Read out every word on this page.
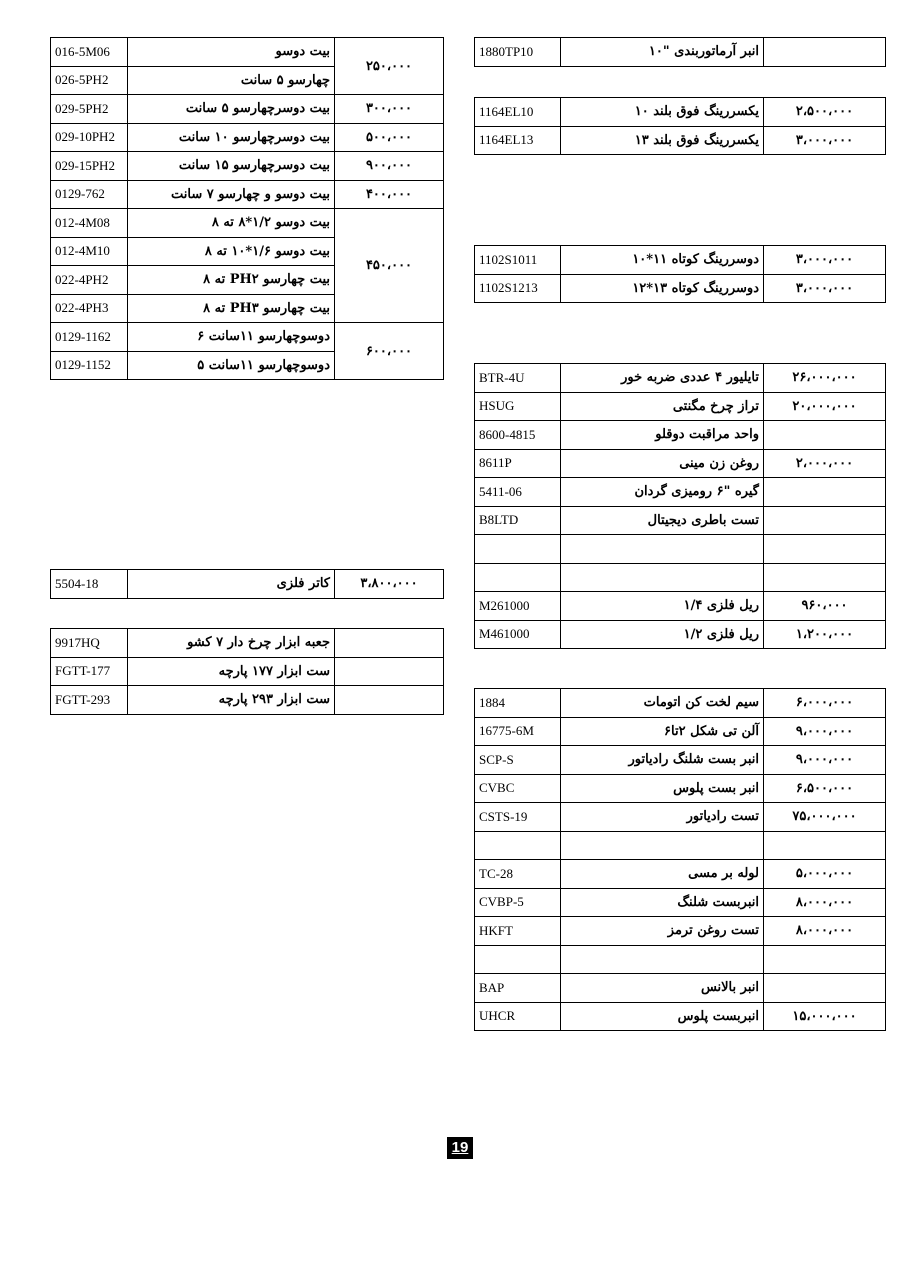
016-5M06	بیت دوسو	۲۵۰،۰۰۰
026-5PH2	چهارسو ۵ سانت	
029-5PH2	بیت دوسرچهارسو ۵ سانت	۳۰۰،۰۰۰
029-10PH2	بیت دوسرچهارسو ۱۰ سانت	۵۰۰،۰۰۰
029-15PH2	بیت دوسرچهارسو ۱۵ سانت	۹۰۰،۰۰۰
0129-762	بیت دوسو و چهارسو ۷ سانت	۴۰۰،۰۰۰
012-4M08	بیت دوسو ۱/۲*۸ ته ۸	۴۵۰،۰۰۰
012-4M10	بیت دوسو ۱/۶*۱۰ ته ۸	
022-4PH2	بیت چهارسو PH۲ ته ۸	
022-4PH3	بیت چهارسو PH۳ ته ۸	
0129-1162	دوسوچهارسو ۱۱سانت ۶	۶۰۰،۰۰۰
0129-1152	دوسوچهارسو ۱۱سانت ۵	
5504-18	کاتر فلزی	۳،۸۰۰،۰۰۰
9917HQ	جعبه ابزار چرخ دار ۷ کشو	
FGTT-177	ست ابزار ۱۷۷ پارچه	
FGTT-293	ست ابزار ۲۹۳ پارچه	
1880TP10	انبر آرماتوربندی "۱۰	
1164EL10	یکسررینگ فوق بلند ۱۰	۲،۵۰۰،۰۰۰
1164EL13	یکسررینگ فوق بلند ۱۳	۳،۰۰۰،۰۰۰
1102S1011	دوسررینگ کوتاه ۱۱*۱۰	۳،۰۰۰،۰۰۰
1102S1213	دوسررینگ کوتاه ۱۳*۱۲	۳،۰۰۰،۰۰۰
BTR-4U	تایلیور ۴ عددی ضربه خور	۲۶،۰۰۰،۰۰۰
HSUG	تراز چرخ مگنتی	۲۰،۰۰۰،۰۰۰
8600-4815	واحد مراقبت دوقلو	
8611P	روغن زن مینی	۲،۰۰۰،۰۰۰
5411-06	گیره "۶ رومیزی گردان	
B8LTD	تست باطری دیجیتال	

M261000	ریل فلزی ۱/۴	۹۶۰،۰۰۰
M461000	ریل فلزی ۱/۲	۱،۲۰۰،۰۰۰
1884	سیم لخت کن اتومات	۶،۰۰۰،۰۰۰
16775-6M	آلن تی شکل ۲تا۶	۹،۰۰۰،۰۰۰
SCP-S	انبر بست شلنگ رادیاتور	۹،۰۰۰،۰۰۰
CVBC	انبر بست پلوس	۶،۵۰۰،۰۰۰
CSTS-19	تست رادیاتور	۷۵،۰۰۰،۰۰۰

TC-28	لوله بر مسی	۵،۰۰۰،۰۰۰
CVBP-5	انبربست شلنگ	۸،۰۰۰،۰۰۰
HKFT	تست روغن ترمز	۸،۰۰۰،۰۰۰

BAP	انبر بالانس	
UHCR	انبربست پلوس	۱۵،۰۰۰،۰۰۰
19
